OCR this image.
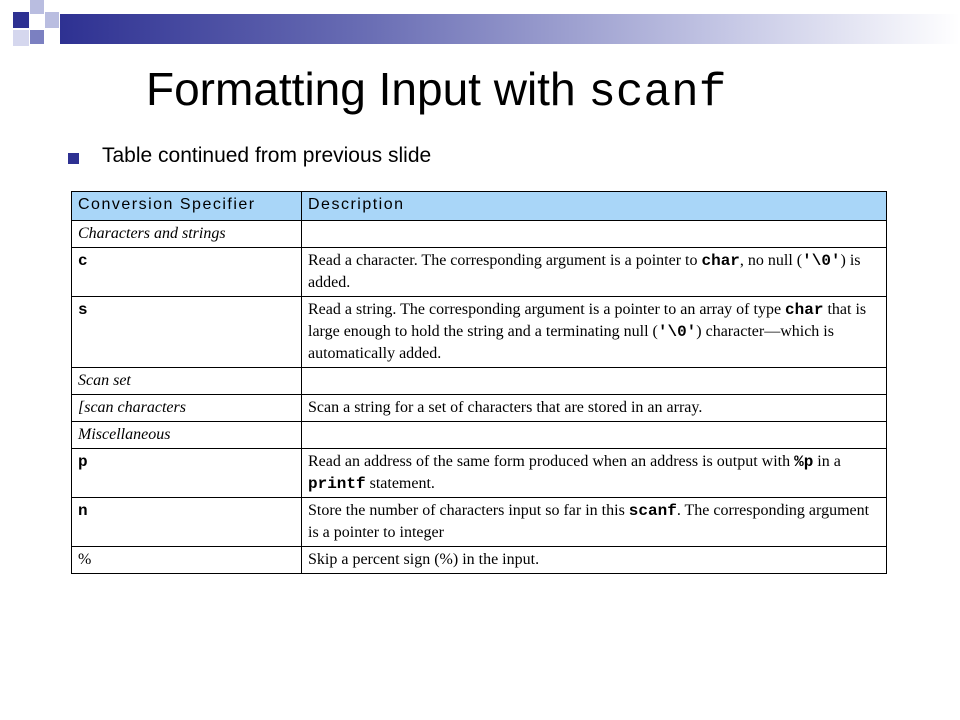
Formatting Input with scanf
Table continued from previous slide
Conversion Specifier	Description
Characters and strings	
c	Read a character. The corresponding argument is a pointer to char, no null ('\0') is added.
s	Read a string. The corresponding argument is a pointer to an array of type char that is large enough to hold the string and a terminating null ('\0') character—which is automatically added.
Scan set	
[scan characters	Scan a string for a set of characters that are stored in an array.
Miscellaneous	
p	Read an address of the same form produced when an address is output with %p in a printf statement.
n	Store the number of characters input so far in this scanf. The corresponding argument is a pointer to integer
%	Skip a percent sign (%) in the input.
